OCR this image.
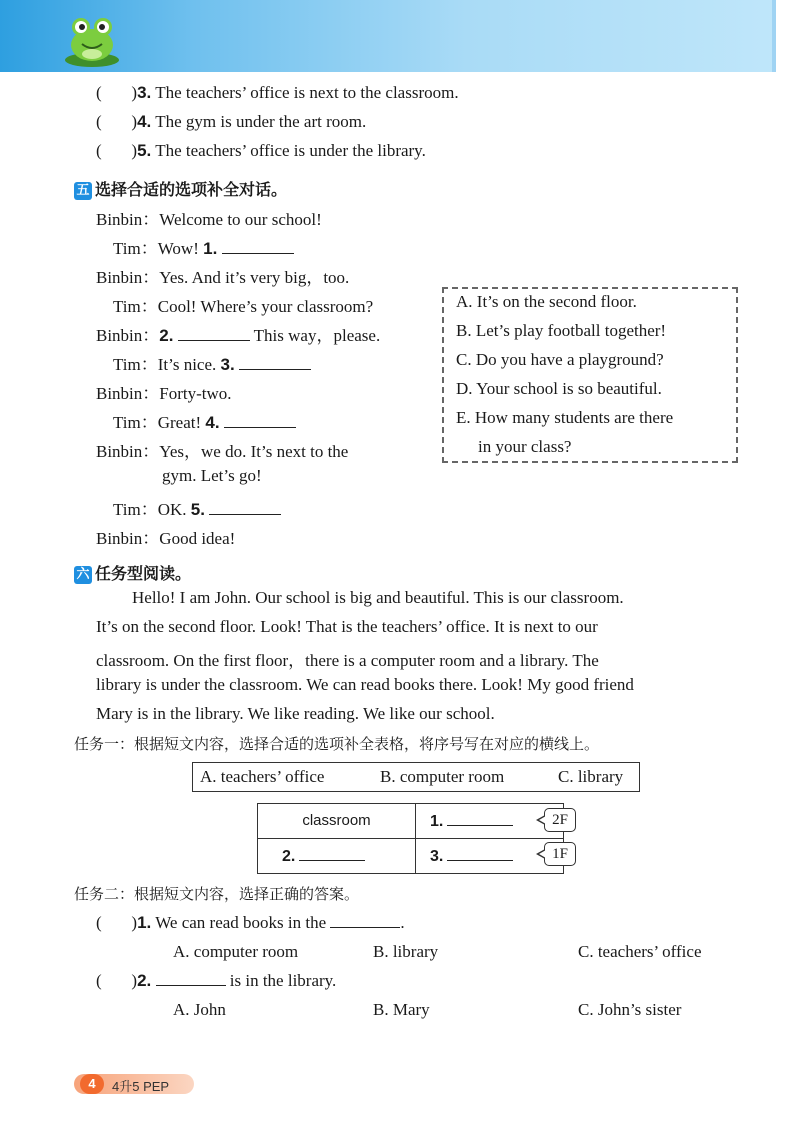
(       )3. The teachers’ office is next to the classroom.
(       )4. The gym is under the art room.
(       )5. The teachers’ office is under the library.
五 选择合适的选项补全对话。
Binbin：Welcome to our school!
Tim：Wow! 1.
Binbin：Yes. And it’s very big，too.
Tim：Cool! Where’s your classroom?
Binbin：2.	This way，please.
Tim：It’s nice. 3.
Binbin：Forty-two.
Tim：Great! 4.
Binbin：Yes，we do. It’s next to the
gym. Let’s go!
Tim：OK. 5.
Binbin：Good idea!
A. It’s on the second floor.
B. Let’s play football together!
C. Do you have a playground?
D. Your school is so beautiful.
E. How many students are there
in your class?
六 任务型阅读。
Hello! I am John. Our school is big and beautiful. This is our classroom.
It’s on the second floor. Look! That is the teachers’ office. It is next to our
classroom. On the first floor，there is a computer room and a library. The
library is under the classroom. We can read books there. Look! My good friend
Mary is in the library. We like reading. We like our school.
任务一：根据短文内容，选择合适的选项补全表格，将序号写在对应的横线上。
A. teachers’ office	B. computer room	C. library
classroom	1.
2.	3.
2F
1F
任务二：根据短文内容，选择正确的答案。
(       )1. We can read books in the	.
A. computer room	B. library	C. teachers’ office
(       )2.	is in the library.
A. John	B. Mary	C. John’s sister
4	4升5 PEP
